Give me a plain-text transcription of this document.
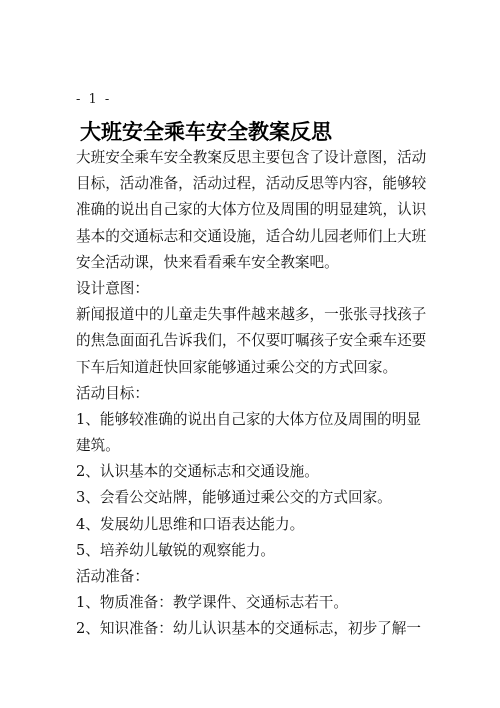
- 1 -
大班安全乘车安全教案反思
大班安全乘车安全教案反思主要包含了设计意图，活动
目标，活动准备，活动过程，活动反思等内容，能够较
准确的说出自己家的大体方位及周围的明显建筑，认识
基本的交通标志和交通设施，适合幼儿园老师们上大班
安全活动课，快来看看乘车安全教案吧。
设计意图：
新闻报道中的儿童走失事件越来越多，一张张寻找孩子
的焦急面面孔告诉我们，不仅要叮嘱孩子安全乘车还要
下车后知道赶快回家能够通过乘公交的方式回家。
活动目标：
1、能够较准确的说出自己家的大体方位及周围的明显
建筑。
2、认识基本的交通标志和交通设施。
3、会看公交站牌，能够通过乘公交的方式回家。
4、发展幼儿思维和口语表达能力。
5、培养幼儿敏锐的观察能力。
活动准备：
1、物质准备：教学课件、交通标志若干。
2、知识准备：幼儿认识基本的交通标志，初步了解一
